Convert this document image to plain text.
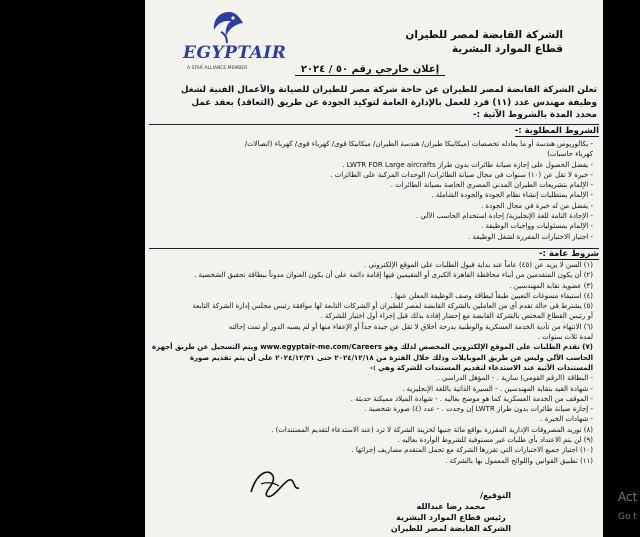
الشركة القابضة لمصر للطيران
قطاع الموارد البشرية
EGYPTAIR
A STAR ALLIANCE MEMBER	إعلان خارجي رقم ٥٠ / ٢٠٢٤
تعلن الشركة القابضة لمصر للطيران عن حاجة شركة مصر للطيران للصيانة والأعمال الفنية لشغل
وظيفة مهندس عدد (١١) فرد للعمل بالإدارة العامة لتوكيد الجودة عن طريق (التعاقد) بعقد عمل
محدد المدة بالشروط الآتية :-
الشروط المطلوبة :-
- بكالوريوس هندسة أو ما يعادله تخصصات (ميكانيكا طيران/ هندسة الطيران/ ميكانيكا قوى/ كهرباء قوى/ كهرباء (اتصالات/
كهرباء حاسبات)
- يفضل الحصول على إجازة صيانة طائرات بدون طراز LWTR FOR Large aircrafts .
- خبرة لا تقل عن (١٠) سنوات في مجال صيانة الطائرات/ الوحدات المركبة على الطائرات .
- الإلمام بتشريعات الطيران المدني المصري الخاصة بصيانة الطائرات .
- الإلمام بمتطلبات إنشاء نظام الجودة والجودة الشاملة .
- يفضل من له خبرة في مجال الجودة .
- الإجادة التامة للغة الإنجليزية/ إجادة استخدام الحاسب الآلي .
- الإلمام بمسئوليات وواجبات الوظيفة .
- اجتياز الاختبارات المقررة لشغل الوظيفة .
شروط عامة :-
(١) السن لا يزيد عن (٤٥) عاماً عند بداية قبول الطلبات على الموقع الإلكتروني .
(٢) أن يكون المتقدمين من أبناء محافظة القاهرة الكبرى أو المقيمين فيها إقامة دائمة على أن يكون العنوان مدوناً ببطاقة تحقيق الشخصية .
(٣) عضوية نقابة المهندسين .
(٤) استيفاء مسوغات التعيين طبقاً لبطاقة وصف الوظيفة المعلن عنها .
(٥) يشترط في حالة تقدم أي من العاملين بالشركة القابضة لمصر للطيران أو الشركات التابعة لها موافقة رئيس مجلس إدارة الشركة التابعة
أو رئيس القطاع المختص بالشركة القابضة مع إحضار إفادة بذلك قبل إجراء أول اختبار للشركة .
(٦) الانتهاء من تأدية الخدمة العسكرية والوطنية بدرجة أخلاق لا تقل عن جيدة جداً أو الإعفاء منها أو لم يصبه الدور أو تمت إحالته
لمدة ثلاث سنوات .
(٧) تقدم الطلبات على الموقع الإلكتروني المخصص لذلك وهو www.egyptair-me.com/Careers ويتم التسجيل عن طريق أجهزة
الحاسب الآلي وليس عن طريق الموبايلات وذلك خلال الفترة من ٢٠٢٤/١٢/١٨ حتى ٢٠٢٤/١٢/٣١ على أن يتم تقديم صورة
المستندات الآتية عند الاستدعاء لتقديم المستندات للشركة وهي :-
- البطاقة (الرقم القومي) سارية . - المؤهل الدراسي .
- شهادة القيد بنقابة المهندسين . - السيرة الذاتية باللغة الإنجليزية .
- الموقف من الخدمة العسكرية كما هو موضح بعاليه . - شهادة الميلاد مميكنة حديثة .
- إجازة صيانة طائرات بدون طراز LWTR إن وجدت . - عدد (٤) صورة شخصية .
- شهادات الخبرة .
(٨) توريد المصروفات الإدارية المقررة بواقع مائة جنيها لخزينة الشركة لا ترد (عند الاستدعاء لتقديم المستندات) .
(٩) لن يتم الاعتداد بأي طلبات غير مستوفية للشروط الواردة بعاليه .
(١٠) اجتياز جميع الاختبارات التي تقررها الشركة مع تحمل المتقدم مصاريف إجرائها .
(١١) تطبيق القوانين واللوائح المعمول بها بالشركة .
التوقيع/
محمد رضا عبدالله
رئيس قطاع الموارد البشرية
الشركة القابضة لمصر للطيران
Act
Go t
